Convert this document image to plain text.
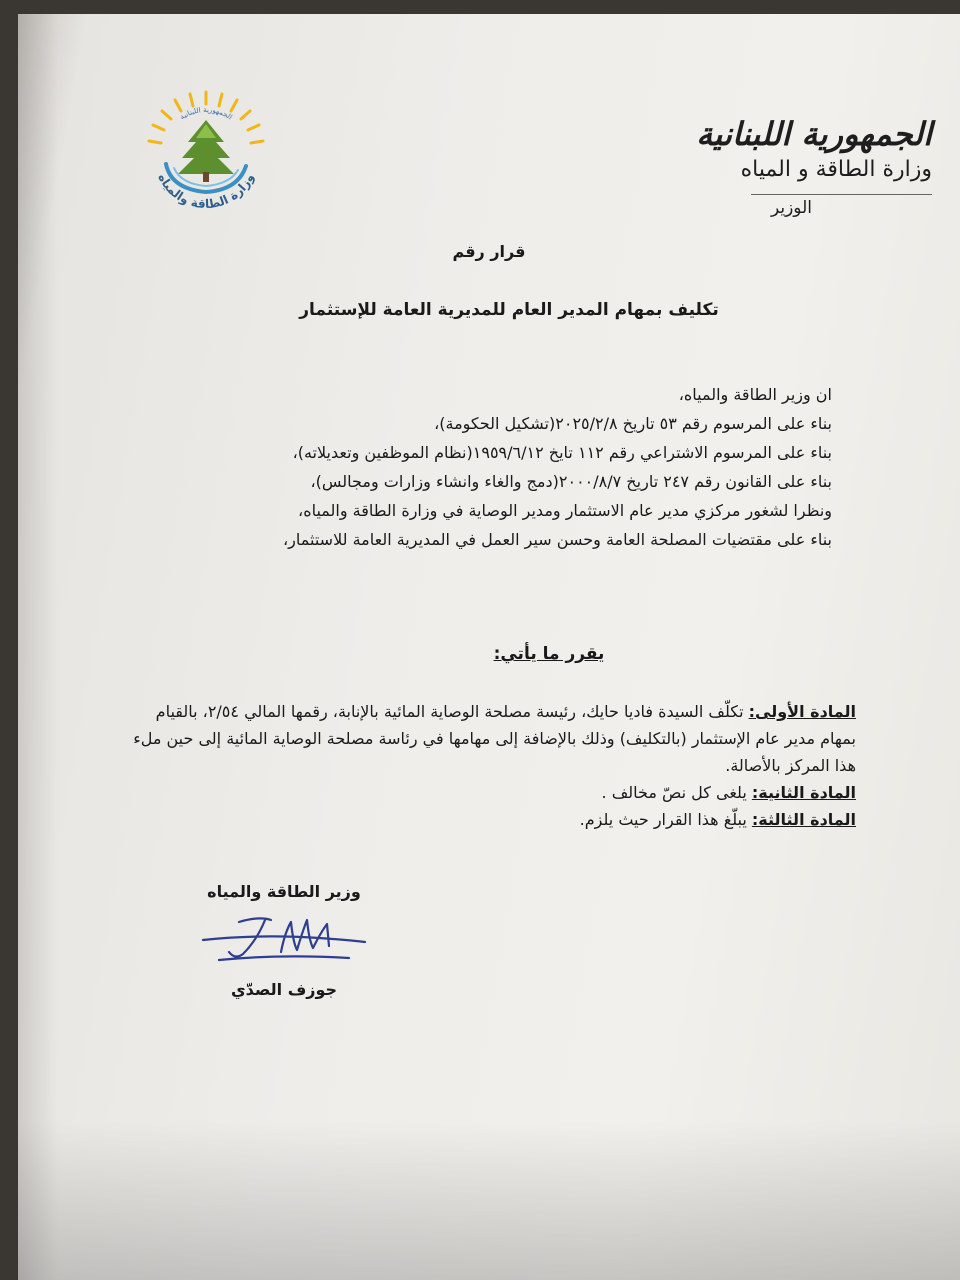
الجمهورية اللبنانية
وزارة الطاقة والمياه
الجمهورية اللبنانية
وزارة الطاقة و المياه
الوزير
قرار رقم
تكليف بمهام المدير العام للمديرية العامة للإستثمار
ان وزير الطاقة والمياه،
بناء على المرسوم رقم ٥٣ تاريخ ٢٠٢٥/٢/٨(تشكيل الحكومة)،
بناء على المرسوم الاشتراعي رقم ١١٢ تايخ ١٩٥٩/٦/١٢(نظام الموظفين وتعديلاته)،
بناء على القانون رقم ٢٤٧ تاريخ ٢٠٠٠/٨/٧(دمج والغاء وانشاء وزارات ومجالس)،
ونظرا لشغور مركزي مدير عام الاستثمار ومدير الوصاية في وزارة الطاقة والمياه،
بناء على مقتضيات المصلحة العامة وحسن سير العمل في المديرية العامة للاستثمار،
يقرر ما يأتي:
المادة الأولى: تكلّف السيدة فاديا حايك، رئيسة مصلحة الوصاية المائية بالإنابة، رقمها المالي ٢/٥٤، بالقيام بمهام مدير عام الإستثمار (بالتكليف) وذلك بالإضافة إلى مهامها في رئاسة مصلحة الوصاية المائية إلى حين ملء هذا المركز بالأصالة.
المادة الثانية: يلغى كل نصّ مخالف .
المادة الثالثة: يبلّغ هذا القرار حيث يلزم.
وزير الطاقة والمياه
جوزف الصدّي
